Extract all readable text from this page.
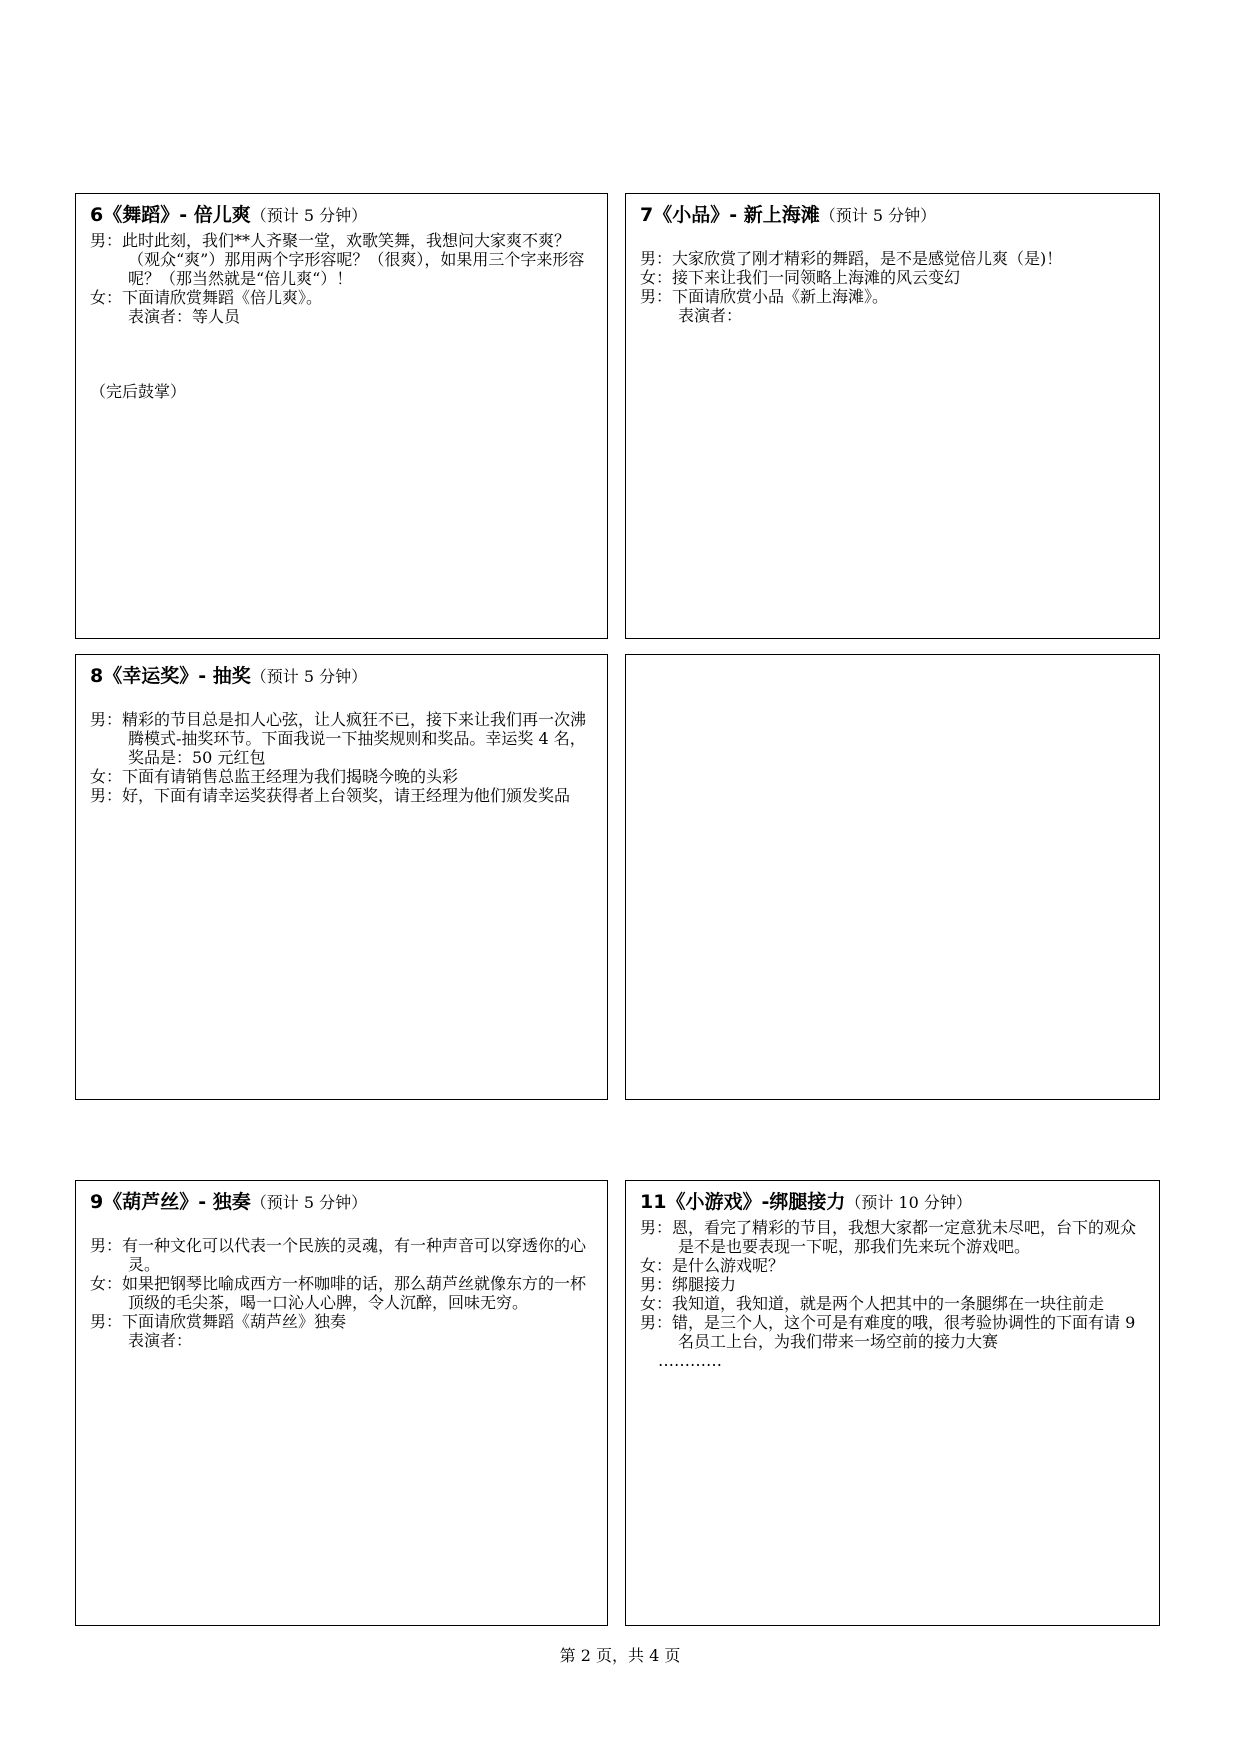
6《舞蹈》- 倍儿爽（预计 5 分钟）

男：此时此刻，我们**人齐聚一堂，欢歌笑舞，我想问大家爽不爽？（观众“爽”）那用两个字形容呢？（很爽），如果用三个字来形容呢？（那当然就是“倍儿爽“）！

女：下面请欣赏舞蹈《倍儿爽》。

表演者：等人员

（完后鼓掌）

7《小品》- 新上海滩（预计 5 分钟）

男：大家欣赏了刚才精彩的舞蹈，是不是感觉倍儿爽（是)！

女：接下来让我们一同领略上海滩的风云变幻

男：下面请欣赏小品《新上海滩》。

表演者：

8《幸运奖》- 抽奖（预计 5 分钟）

男：精彩的节目总是扣人心弦，让人疯狂不已，接下来让我们再一次沸腾模式-抽奖环节。下面我说一下抽奖规则和奖品。幸运奖 4 名，奖品是：50 元红包

女：下面有请销售总监王经理为我们揭晓今晚的头彩

男：好，下面有请幸运奖获得者上台领奖，请王经理为他们颁发奖品

9《葫芦丝》- 独奏（预计 5 分钟）

男：有一种文化可以代表一个民族的灵魂，有一种声音可以穿透你的心灵。

女：如果把钢琴比喻成西方一杯咖啡的话，那么葫芦丝就像东方的一杯顶级的毛尖茶，喝一口沁人心脾，令人沉醉，回味无穷。

男：下面请欣赏舞蹈《葫芦丝》独奏

表演者：

11《小游戏》-绑腿接力（预计 10 分钟）

男：恩，看完了精彩的节目，我想大家都一定意犹未尽吧，台下的观众是不是也要表现一下呢，那我们先来玩个游戏吧。

女：是什么游戏呢？

男：绑腿接力

女：我知道，我知道，就是两个人把其中的一条腿绑在一块往前走

男：错，是三个人，这个可是有难度的哦，很考验协调性的下面有请 9 名员工上台，为我们带来一场空前的接力大赛

…………

第 2 页，共 4 页
